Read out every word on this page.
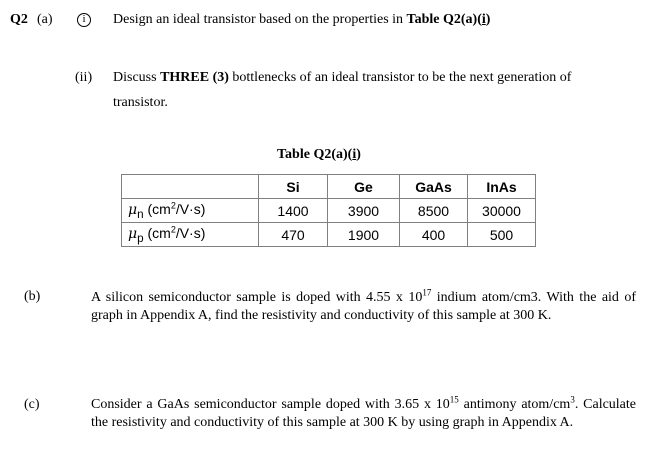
Q2 (a)	i	Design an ideal transistor based on the properties in Table Q2(a)(i)
(ii) Discuss THREE (3) bottlenecks of an ideal transistor to be the next generation of
transistor.
Table Q2(a)(i)
	Si	Ge	GaAs	InAs
$\mu_n$ $(cm^2/V\cdot s)$	1400	3900	8500	30000
$\mu_p$ $(cm^2/V\cdot s)$	470	1900	400	500
(b)	A silicon semiconductor sample is doped with 4.55 x $10^{17}$ indium atom/cm3. With the aid of graph in Appendix A, find the resistivity and conductivity of this sample at 300 K.
(c)	Consider a GaAs semiconductor sample doped with 3.65 x $10^{15}$ antimony atom/$cm^3$. Calculate the resistivity and conductivity of this sample at 300 K by using graph in Appendix A.
